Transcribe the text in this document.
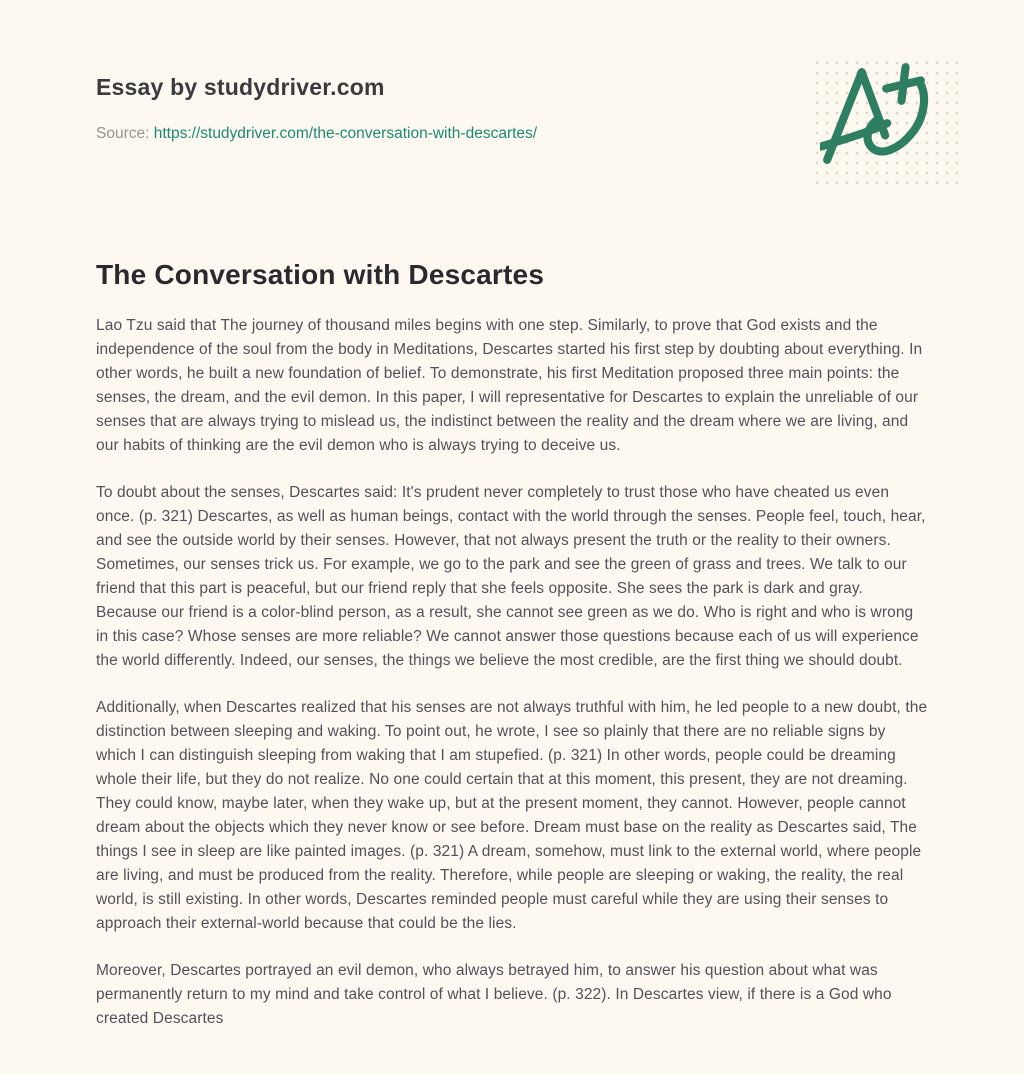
Essay by studydriver.com
Source: https://studydriver.com/the-conversation-with-descartes/
The Conversation with Descartes

Lao Tzu said that The journey of thousand miles begins with one step. Similarly, to prove that God exists and the independence of the soul from the body in Meditations, Descartes started his first step by doubting about everything. In other words, he built a new foundation of belief. To demonstrate, his first Meditation proposed three main points: the senses, the dream, and the evil demon. In this paper, I will representative for Descartes to explain the unreliable of our senses that are always trying to mislead us, the indistinct between the reality and the dream where we are living, and our habits of thinking are the evil demon who is always trying to deceive us.

To doubt about the senses, Descartes said: It's prudent never completely to trust those who have cheated us even once. (p. 321) Descartes, as well as human beings, contact with the world through the senses. People feel, touch, hear, and see the outside world by their senses. However, that not always present the truth or the reality to their owners. Sometimes, our senses trick us. For example, we go to the park and see the green of grass and trees. We talk to our friend that this part is peaceful, but our friend reply that she feels opposite. She sees the park is dark and gray. Because our friend is a color-blind person, as a result, she cannot see green as we do. Who is right and who is wrong in this case? Whose senses are more reliable? We cannot answer those questions because each of us will experience the world differently. Indeed, our senses, the things we believe the most credible, are the first thing we should doubt.

Additionally, when Descartes realized that his senses are not always truthful with him, he led people to a new doubt, the distinction between sleeping and waking. To point out, he wrote, I see so plainly that there are no reliable signs by which I can distinguish sleeping from waking that I am stupefied. (p. 321) In other words, people could be dreaming whole their life, but they do not realize. No one could certain that at this moment, this present, they are not dreaming. They could know, maybe later, when they wake up, but at the present moment, they cannot. However, people cannot dream about the objects which they never know or see before. Dream must base on the reality as Descartes said, The things I see in sleep are like painted images. (p. 321) A dream, somehow, must link to the external world, where people are living, and must be produced from the reality. Therefore, while people are sleeping or waking, the reality, the real world, is still existing. In other words, Descartes reminded people must careful while they are using their senses to approach their external-world because that could be the lies.

Moreover, Descartes portrayed an evil demon, who always betrayed him, to answer his question about what was permanently return to my mind and take control of what I believe. (p. 322). In Descartes view, if there is a God who created Descartes
